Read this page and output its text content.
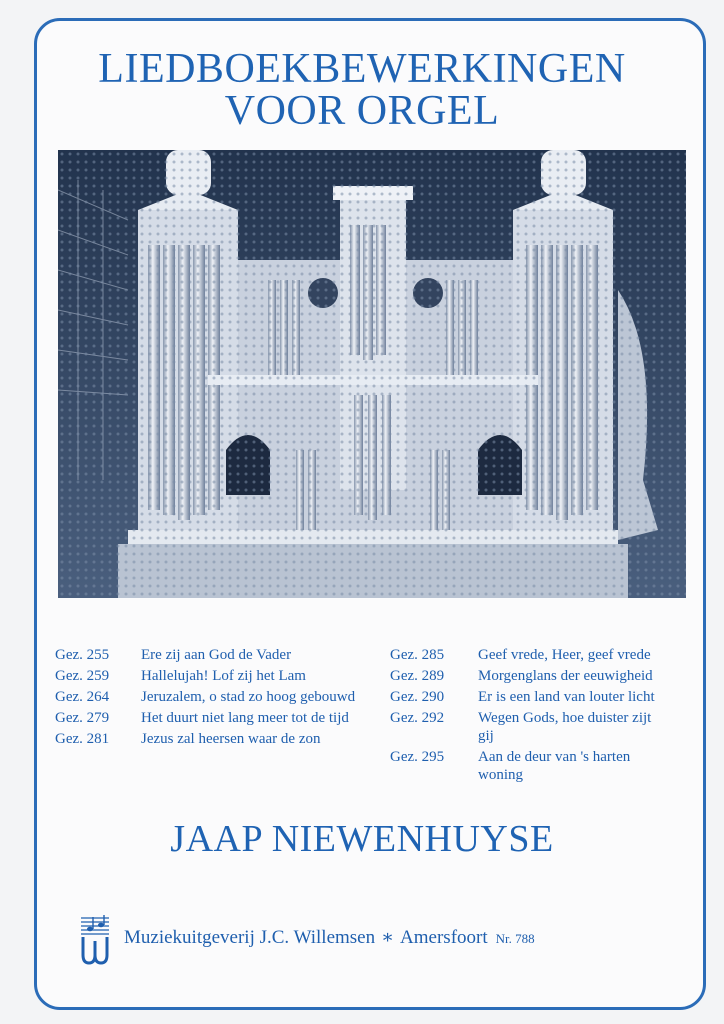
LIEDBOEKBEWERKINGEN
VOOR ORGEL
Gez. 255	Ere zij aan God de Vader
Gez. 259	Hallelujah! Lof zij het Lam
Gez. 264	Jeruzalem, o stad zo hoog gebouwd
Gez. 279	Het duurt niet lang meer tot de tijd
Gez. 281	Jezus zal heersen waar de zon
Gez. 285	Geef vrede, Heer, geef vrede
Gez. 289	Morgenglans der eeuwigheid
Gez. 290	Er is een land van louter licht
Gez. 292	Wegen Gods, hoe duister zijt gij
Gez. 295	Aan de deur van 's harten woning
JAAP NIEWENHUYSE
Muziekuitgeverij J.C. Willemsen ∗ Amersfoort Nr. 788
